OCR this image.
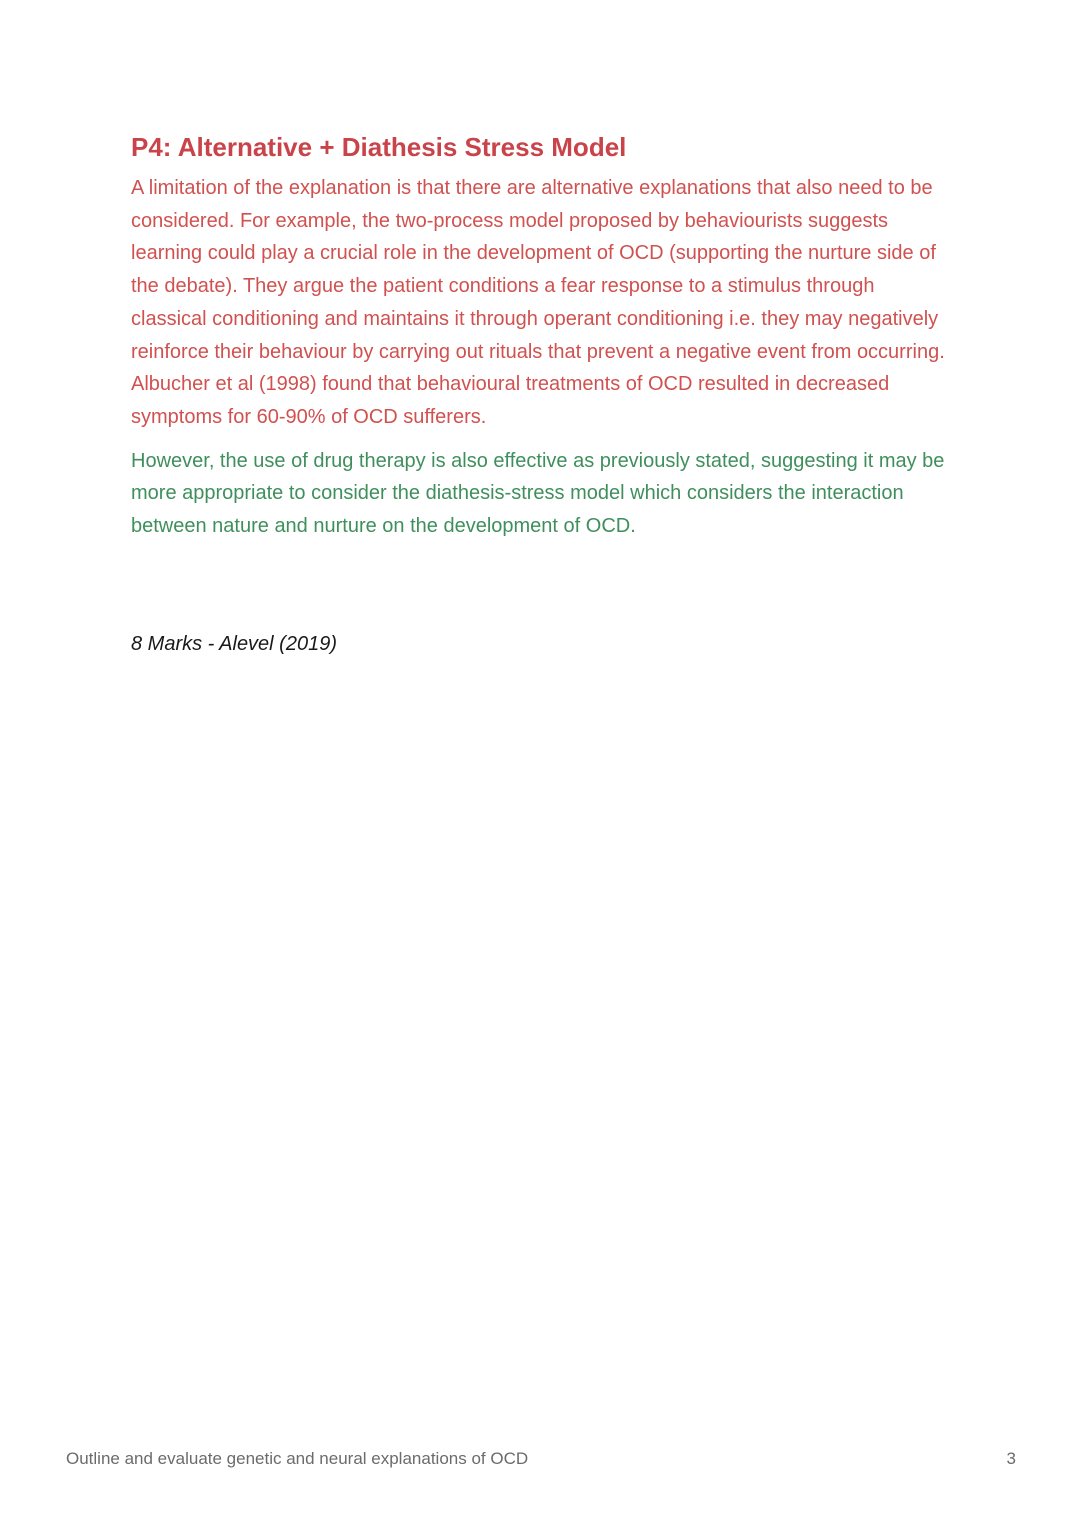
P4: Alternative + Diathesis Stress Model

A limitation of the explanation is that there are alternative explanations that also need to be considered. For example, the two-process model proposed by behaviourists suggests learning could play a crucial role in the development of OCD (supporting the nurture side of the debate). They argue the patient conditions a fear response to a stimulus through classical conditioning and maintains it through operant conditioning i.e. they may negatively reinforce their behaviour by carrying out rituals that prevent a negative event from occurring. Albucher et al (1998) found that behavioural treatments of OCD resulted in decreased symptoms for 60-90% of OCD sufferers.

However, the use of drug therapy is also effective as previously stated, suggesting it may be more appropriate to consider the diathesis-stress model which considers the interaction between nature and nurture on the development of OCD.

8 Marks - Alevel (2019)
Outline and evaluate genetic and neural explanations of OCD	3
